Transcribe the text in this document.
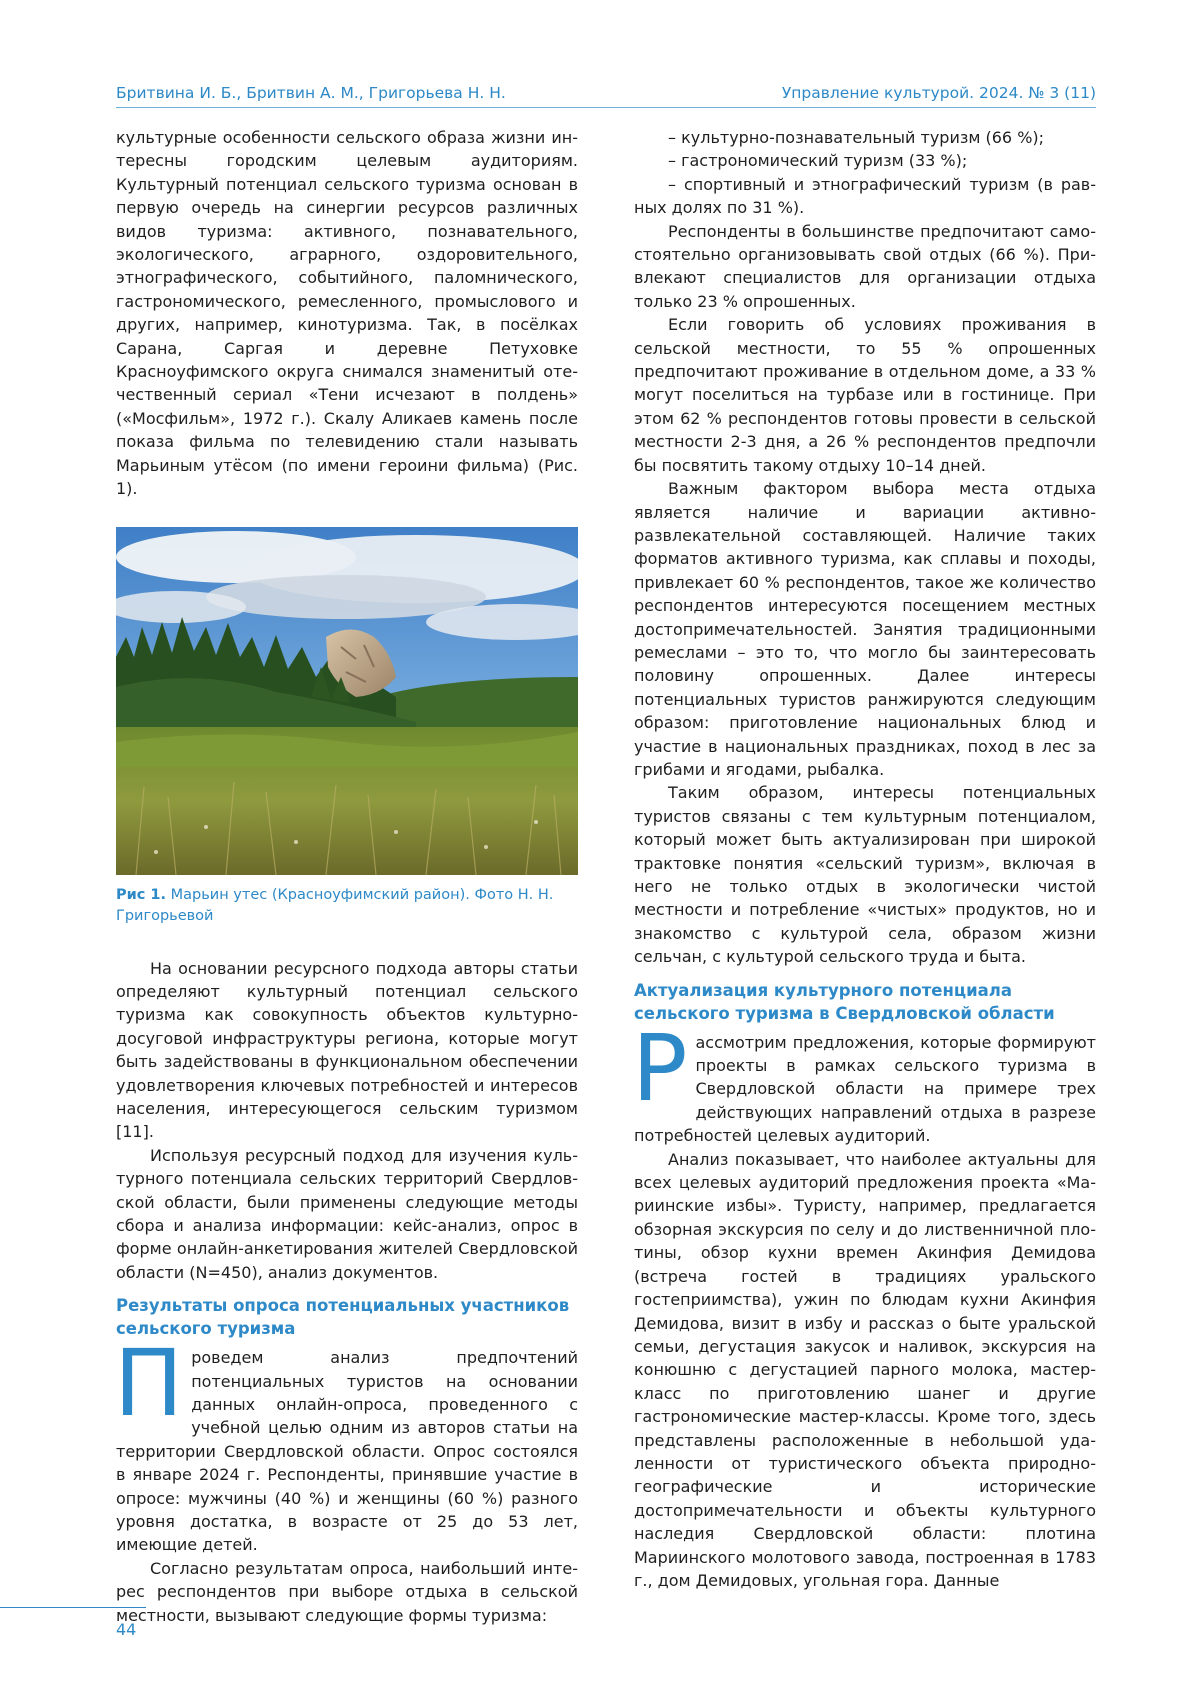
Бритвина И. Б., Бритвин А. М., Григорьева Н. Н.	Управление культурой. 2024. № 3 (11)

культурные особенности сельского образа жизни интересны городским целевым аудиториям. Культурный потенциал сельского туризма основан в первую очередь на синергии ресурсов различных видов туризма: активного, познавательного, экологического, аграрного, оздоровительного, этнографического, событийного, паломнического, гастрономического, ремесленного, промыслового и других, например, кинотуризма. Так, в посёлках Сарана, Саргая и деревне Петуховке Красноуфимского округа снимался знаменитый отечественный сериал «Тени исчезают в полдень» («Мосфильм», 1972 г.). Скалу Аликаев камень после показа фильма по телевидению стали называть Марьиным утёсом (по имени героини фильма) (Рис. 1).

Рис 1. Марьин утес (Красноуфимский район). Фото Н. Н. Григорьевой

На основании ресурсного подхода авторы статьи определяют культурный потенциал сельского туризма как совокупность объектов культурно-досуговой инфраструктуры региона, которые могут быть задействованы в функциональном обеспечении удовлетворения ключевых потребностей и интересов населения, интересующегося сельским туризмом [11].

Используя ресурсный подход для изучения культурного потенциала сельских территорий Свердловской области, были применены следующие методы сбора и анализа информации: кейс-анализ, опрос в форме онлайн-анкетирования жителей Свердловской области (N=450), анализ документов.

Результаты опроса потенциальных участников сельского туризма

Проведем анализ предпочтений потенциальных туристов на основании данных онлайн-опроса, проведенного с учебной целью одним из авторов статьи на территории Свердловской области. Опрос состоялся в январе 2024 г. Респонденты, принявшие участие в опросе: мужчины (40 %) и женщины (60 %) разного уровня достатка, в возрасте от 25 до 53 лет, имеющие детей.

Согласно результатам опроса, наибольший интерес респондентов при выборе отдыха в сельской местности, вызывают следующие формы туризма:

– культурно-познавательный туризм (66 %);

– гастрономический туризм (33 %);

– спортивный и этнографический туризм (в равных долях по 31 %).

Респонденты в большинстве предпочитают самостоятельно организовывать свой отдых (66 %). Привлекают специалистов для организации отдыха только 23 % опрошенных.

Если говорить об условиях проживания в сельской местности, то 55 % опрошенных предпочитают проживание в отдельном доме, а 33 % могут поселиться на турбазе или в гостинице. При этом 62 % респондентов готовы провести в сельской местности 2-3 дня, а 26 % респондентов предпочли бы посвятить такому отдыху 10–14 дней.

Важным фактором выбора места отдыха является наличие и вариации активно-развлекательной составляющей. Наличие таких форматов активного туризма, как сплавы и походы, привлекает 60 % респондентов, такое же количество респондентов интересуются посещением местных достопримечательностей. Занятия традиционными ремеслами – это то, что могло бы заинтересовать половину опрошенных. Далее интересы потенциальных туристов ранжируются следующим образом: приготовление национальных блюд и участие в национальных праздниках, поход в лес за грибами и ягодами, рыбалка.

Таким образом, интересы потенциальных туристов связаны с тем культурным потенциалом, который может быть актуализирован при широкой трактовке понятия «сельский туризм», включая в него не только отдых в экологически чистой местности и потребление «чистых» продуктов, но и знакомство с культурой села, образом жизни сельчан, с культурой сельского труда и быта.

Актуализация культурного потенциала сельского туризма в Свердловской области

Рассмотрим предложения, которые формируют проекты в рамках сельского туризма в Свердловской области на примере трех действующих направлений отдыха в разрезе потребностей целевых аудиторий.

Анализ показывает, что наиболее актуальны для всех целевых аудиторий предложения проекта «Мариинские избы». Туристу, например, предлагается обзорная экскурсия по селу и до лиственничной плотины, обзор кухни времен Акинфия Демидова (встреча гостей в традициях уральского гостеприимства), ужин по блюдам кухни Акинфия Демидова, визит в избу и рассказ о быте уральской семьи, дегустация закусок и наливок, экскурсия на конюшню с дегустацией парного молока, мастер-класс по приготовлению шанег и другие гастрономические мастер-классы. Кроме того, здесь представлены расположенные в небольшой удаленности от туристического объекта природно-географические и исторические достопримечательности и объекты культурного наследия Свердловской области: плотина Мариинского молотового завода, построенная в 1783 г., дом Демидовых, угольная гора. Данные

44
